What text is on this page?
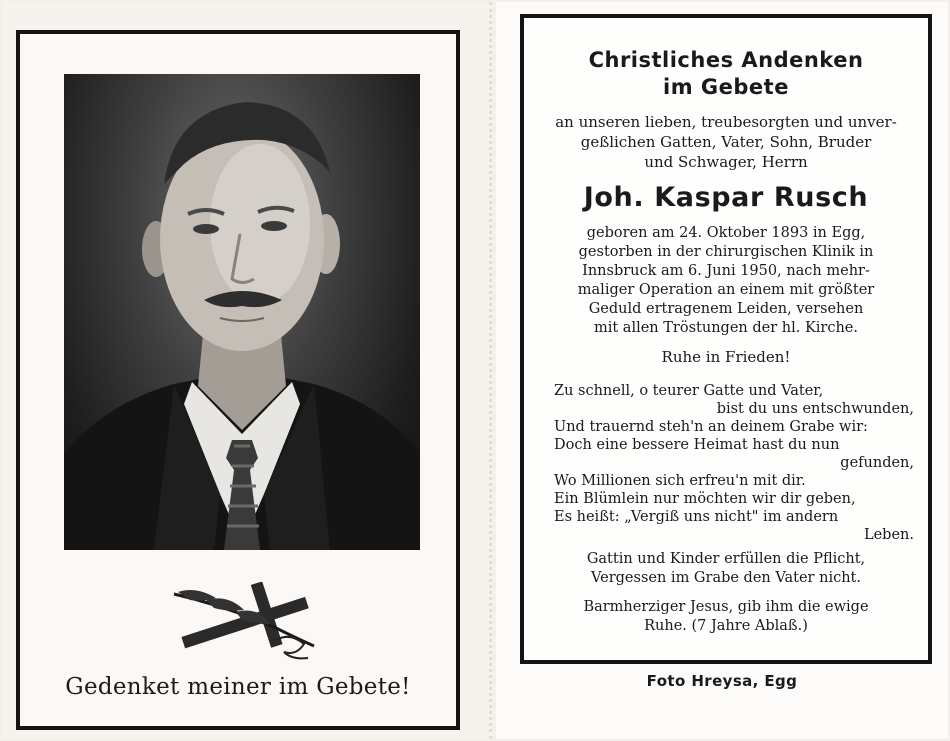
Gedenket meiner im Gebete!
Christliches Andenken
im Gebete
an unseren lieben, treubesorgten und unver-
geßlichen Gatten, Vater, Sohn, Bruder
und Schwager, Herrn
Joh. Kaspar Rusch
geboren am 24. Oktober 1893 in Egg,
gestorben in der chirurgischen Klinik in
Innsbruck am 6. Juni 1950, nach mehr-
maliger Operation an einem mit größter
Geduld ertragenem Leiden, versehen
mit allen Tröstungen der hl. Kirche.
Ruhe in Frieden!
Zu schnell, o teurer Gatte und Vater,
bist du uns entschwunden,
Und trauernd steh'n an deinem Grabe wir:
Doch eine bessere Heimat hast du nun
gefunden,
Wo Millionen sich erfreu'n mit dir.
Ein Blümlein nur möchten wir dir geben,
Es heißt: „Vergiß uns nicht" im andern
Leben.
Gattin und Kinder erfüllen die Pflicht,
Vergessen im Grabe den Vater nicht.
Barmherziger Jesus, gib ihm die ewige
Ruhe. (7 Jahre Ablaß.)
Foto Hreysa, Egg
